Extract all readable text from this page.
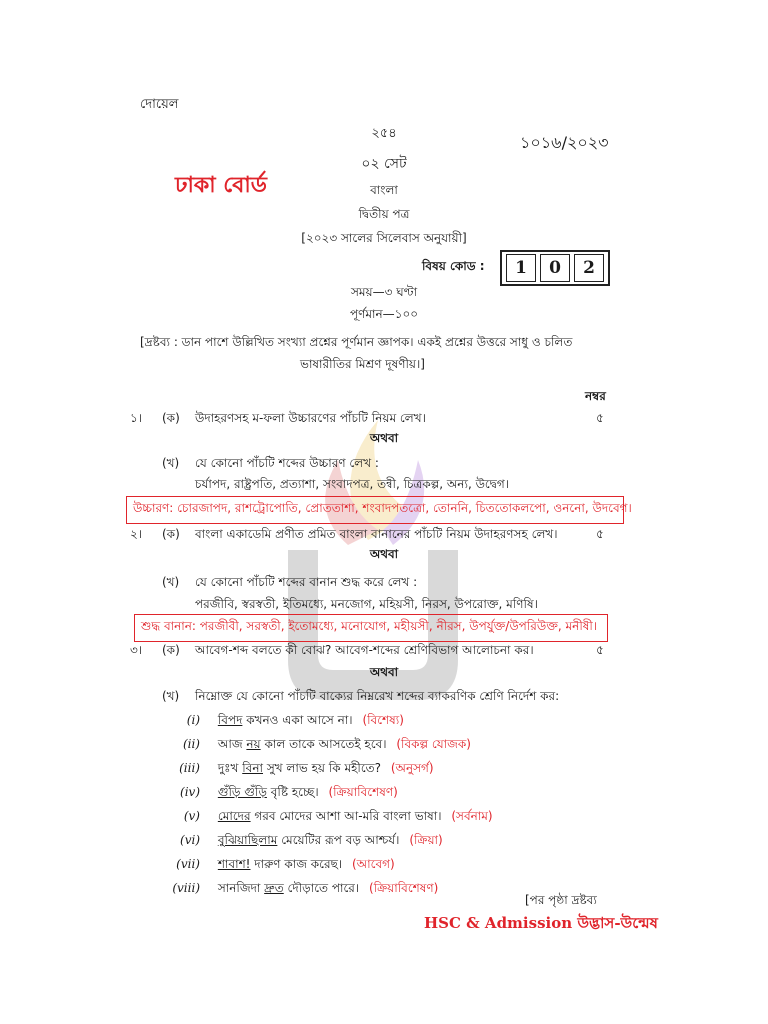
দোয়েল
২৫৪	১০১৬/২০২৩
০২ সেট
ঢাকা বোর্ড	বাংলা
দ্বিতীয় পত্র
[২০২৩ সালের সিলেবাস অনুযায়ী]
বিষয় কোড :	1	0	2
সময়—৩ ঘণ্টা
পূর্ণমান—১০০
[দ্রষ্টব্য : ডান পাশে উল্লিখিত সংখ্যা প্রশ্নের পূর্ণমান জ্ঞাপক। একই প্রশ্নের উত্তরে সাধু ও চলিত
ভাষারীতির মিশ্রণ দূষণীয়।]
নম্বর
১। (ক) উদাহরণসহ ম-ফলা উচ্চারণের পাঁচটি নিয়ম লেখ।	৫
অথবা
(খ) যে কোনো পাঁচটি শব্দের উচ্চারণ লেখ :
চর্যাপদ, রাষ্ট্রপতি, প্রত্যাশা, সংবাদপত্র, তন্বী, চিত্রকল্প, অন্য, উদ্বেগ।
উচ্চারণ: চোরজাপদ, রাশট্রোপোতি, প্রোততাশা, শংবাদপতত্রো, তোননি, চিততোকলপো, ওননো, উদবেগ।
২। (ক) বাংলা একাডেমি প্রণীত প্রমিত বাংলা বানানের পাঁচটি নিয়ম উদাহরণসহ লেখ।	৫
অথবা
(খ) যে কোনো পাঁচটি শব্দের বানান শুদ্ধ করে লেখ :
পরজীবি, স্বরস্বতী, ইতিমধ্যে, মনজোগ, মহিয়সী, নিরস, উপরোক্ত, মণিষি।
শুদ্ধ বানান: পরজীবী, সরস্বতী, ইতোমধ্যে, মনোযোগ, মহীয়সী, নীরস, উপর্যুক্ত/উপরিউক্ত, মনীষী।
৩। (ক) আবেগ-শব্দ বলতে কী বোঝ? আবেগ-শব্দের শ্রেণিবিভাগ আলোচনা কর।	৫
অথবা
(খ) নিম্নোক্ত যে কোনো পাঁচটি বাক্যের নিম্নরেখ শব্দের ব্যাকরণিক শ্রেণি নির্দেশ কর:
(i) বিপদ কখনও একা আসে না। (বিশেষ্য)
(ii) আজ নয় কাল তাকে আসতেই হবে। (বিকল্প যোজক)
(iii) দুঃখ বিনা সুখ লাভ হয় কি মহীতে? (অনুসর্গ)
(iv) গুঁড়ি গুঁড়ি বৃষ্টি হচ্ছে। (ক্রিয়াবিশেষণ)
(v) মোদের গরব মোদের আশা আ-মরি বাংলা ভাষা। (সর্বনাম)
(vi) বুঝিয়াছিলাম মেয়েটির রূপ বড় আশ্চর্য। (ক্রিয়া)
(vii) শাবাশ! দারুণ কাজ করেছ। (আবেগ)
(viii) সানজিদা দ্রুত দৌড়াতে পারে। (ক্রিয়াবিশেষণ)
[পর পৃষ্ঠা দ্রষ্টব্য
HSC & Admission উদ্ভাস-উন্মেষ
